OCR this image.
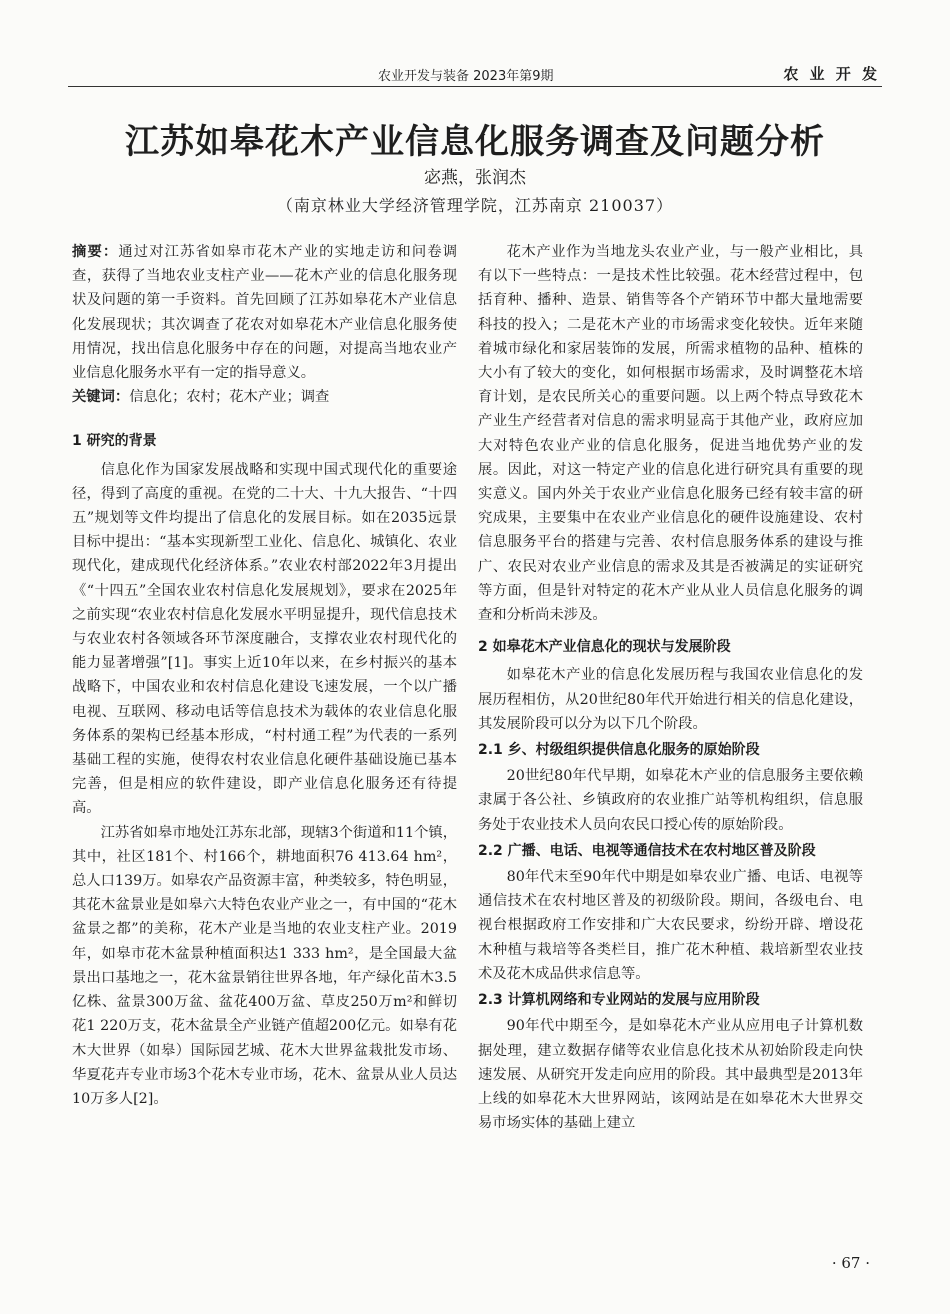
农业开发与装备 2023年第9期	农 业 开 发
江苏如皋花木产业信息化服务调查及问题分析
宓燕，张润杰
（南京林业大学经济管理学院，江苏南京 210037）

摘要：通过对江苏省如皋市花木产业的实地走访和问卷调查，获得了当地农业支柱产业——花木产业的信息化服务现状及问题的第一手资料。首先回顾了江苏如皋花木产业信息化发展现状；其次调查了花农对如皋花木产业信息化服务使用情况，找出信息化服务中存在的问题，对提高当地农业产业信息化服务水平有一定的指导意义。

关键词：信息化；农村；花木产业；调查

1 研究的背景

信息化作为国家发展战略和实现中国式现代化的重要途径，得到了高度的重视。在党的二十大、十九大报告、“十四五”规划等文件均提出了信息化的发展目标。如在2035远景目标中提出：“基本实现新型工业化、信息化、城镇化、农业现代化，建成现代化经济体系。”农业农村部2022年3月提出《“十四五”全国农业农村信息化发展规划》，要求在2025年之前实现“农业农村信息化发展水平明显提升，现代信息技术与农业农村各领域各环节深度融合，支撑农业农村现代化的能力显著增强”[1]。事实上近10年以来，在乡村振兴的基本战略下，中国农业和农村信息化建设飞速发展，一个以广播电视、互联网、移动电话等信息技术为载体的农业信息化服务体系的架构已经基本形成，“村村通工程”为代表的一系列基础工程的实施，使得农村农业信息化硬件基础设施已基本完善，但是相应的软件建设，即产业信息化服务还有待提高。

江苏省如皋市地处江苏东北部，现辖3个街道和11个镇，其中，社区181个、村166个，耕地面积76 413.64 hm²，总人口139万。如皋农产品资源丰富，种类较多，特色明显，其花木盆景业是如皋六大特色农业产业之一，有中国的“花木盆景之都”的美称，花木产业是当地的农业支柱产业。2019年，如皋市花木盆景种植面积达1 333 hm²，是全国最大盆景出口基地之一，花木盆景销往世界各地，年产绿化苗木3.5亿株、盆景300万盆、盆花400万盆、草皮250万m²和鲜切花1 220万支，花木盆景全产业链产值超200亿元。如皋有花木大世界（如皋）国际园艺城、花木大世界盆栽批发市场、华夏花卉专业市场3个花木专业市场，花木、盆景从业人员达10万多人[2]。

花木产业作为当地龙头农业产业，与一般产业相比，具有以下一些特点：一是技术性比较强。花木经营过程中，包括育种、播种、造景、销售等各个产销环节中都大量地需要科技的投入；二是花木产业的市场需求变化较快。近年来随着城市绿化和家居装饰的发展，所需求植物的品种、植株的大小有了较大的变化，如何根据市场需求，及时调整花木培育计划，是农民所关心的重要问题。以上两个特点导致花木产业生产经营者对信息的需求明显高于其他产业，政府应加大对特色农业产业的信息化服务，促进当地优势产业的发展。因此，对这一特定产业的信息化进行研究具有重要的现实意义。国内外关于农业产业信息化服务已经有较丰富的研究成果，主要集中在农业产业信息化的硬件设施建设、农村信息服务平台的搭建与完善、农村信息服务体系的建设与推广、农民对农业产业信息的需求及其是否被满足的实证研究等方面，但是针对特定的花木产业从业人员信息化服务的调查和分析尚未涉及。

2 如皋花木产业信息化的现状与发展阶段

如皋花木产业的信息化发展历程与我国农业信息化的发展历程相仿，从20世纪80年代开始进行相关的信息化建设，其发展阶段可以分为以下几个阶段。

2.1 乡、村级组织提供信息化服务的原始阶段

20世纪80年代早期，如皋花木产业的信息服务主要依赖隶属于各公社、乡镇政府的农业推广站等机构组织，信息服务处于农业技术人员向农民口授心传的原始阶段。

2.2 广播、电话、电视等通信技术在农村地区普及阶段

80年代末至90年代中期是如皋农业广播、电话、电视等通信技术在农村地区普及的初级阶段。期间，各级电台、电视台根据政府工作安排和广大农民要求，纷纷开辟、增设花木种植与栽培等各类栏目，推广花木种植、栽培新型农业技术及花木成品供求信息等。

2.3 计算机网络和专业网站的发展与应用阶段

90年代中期至今，是如皋花木产业从应用电子计算机数据处理，建立数据存储等农业信息化技术从初始阶段走向快速发展、从研究开发走向应用的阶段。其中最典型是2013年上线的如皋花木大世界网站，该网站是在如皋花木大世界交易市场实体的基础上建立

· 67 ·
